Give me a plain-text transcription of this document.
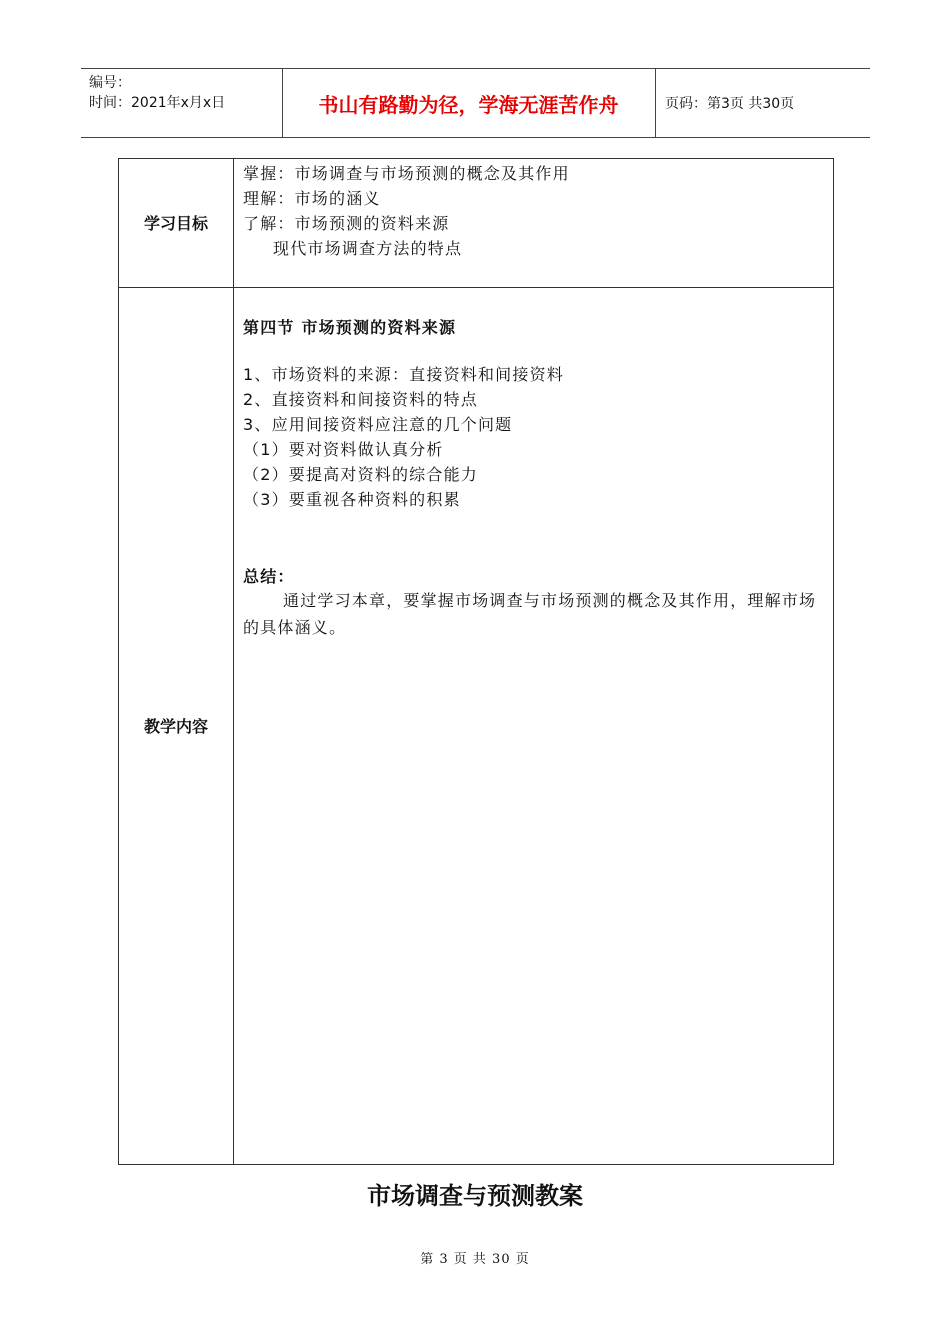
编号：
时间：2021年x月x日	书山有路勤为径，学海无涯苦作舟	页码：第3页 共30页
学习目标
掌握：市场调查与市场预测的概念及其作用
理解：市场的涵义
了解：市场预测的资料来源
现代市场调查方法的特点
教学内容
第四节 市场预测的资料来源
1、市场资料的来源：直接资料和间接资料
2、直接资料和间接资料的特点
3、应用间接资料应注意的几个问题
（1）要对资料做认真分析
（2）要提高对资料的综合能力
（3）要重视各种资料的积累
总结：
通过学习本章，要掌握市场调查与市场预测的概念及其作用，理解市场的具体涵义。
市场调查与预测教案
第 3 页 共 30 页
